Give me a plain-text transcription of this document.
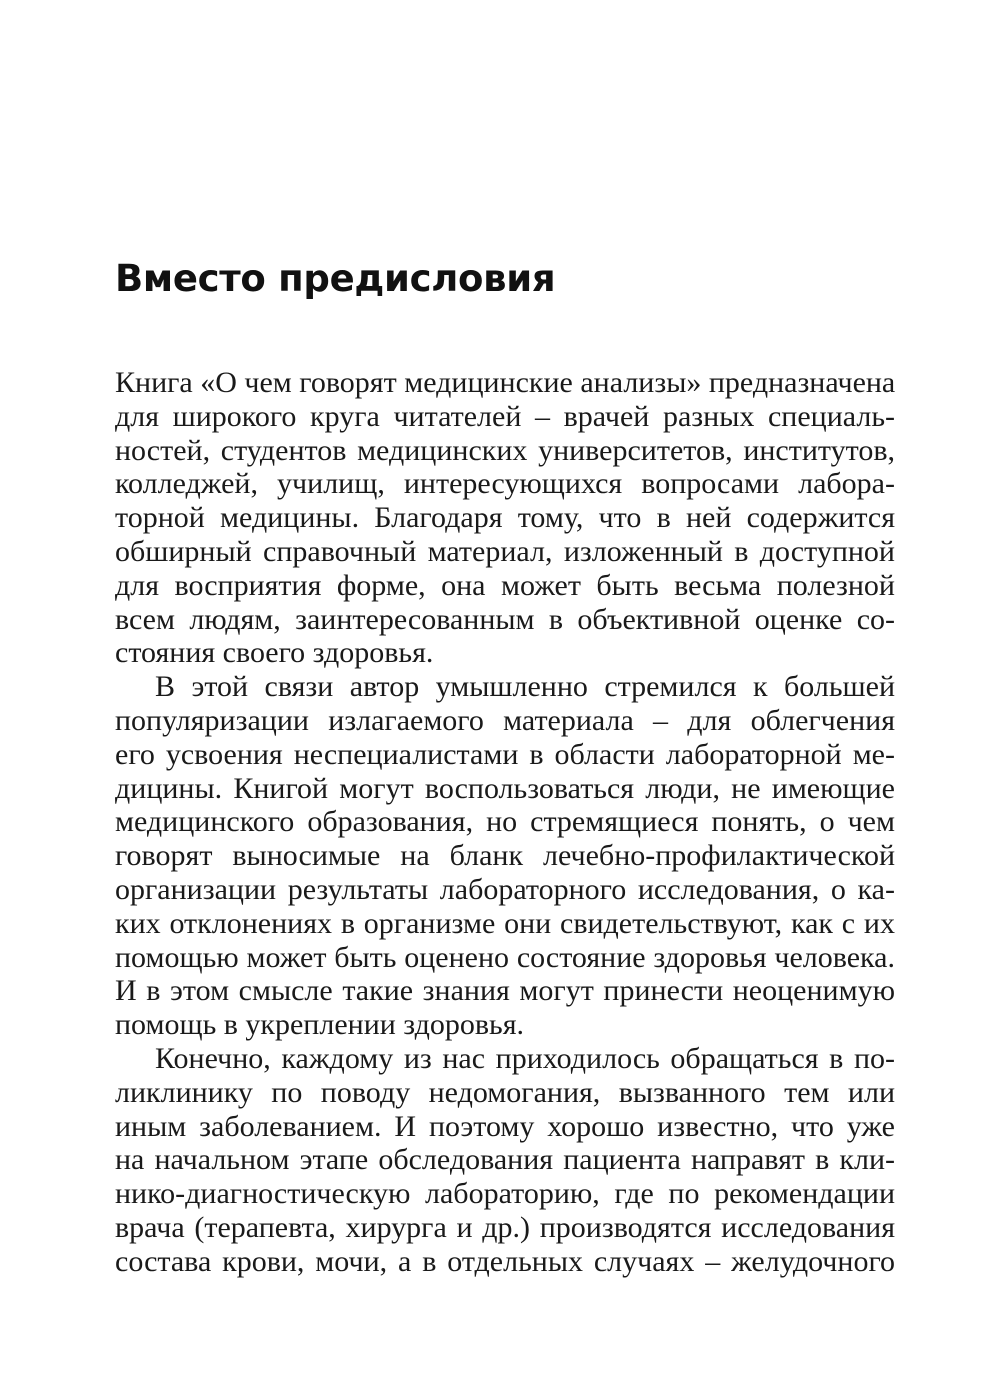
Вместо предисловия
Книга «О чем говорят медицинские анализы» предназначена
для широкого круга читателей – врачей разных специаль-
ностей, студентов медицинских университетов, институтов,
колледжей, училищ, интересующихся вопросами лабора-
торной медицины. Благодаря тому, что в ней содержится
обширный справочный материал, изложенный в доступной
для восприятия форме, она может быть весьма полезной
всем людям, заинтересованным в объективной оценке со-
стояния своего здоровья.
В этой связи автор умышленно стремился к большей
популяризации излагаемого материала – для облегчения
его усвоения неспециалистами в области лабораторной ме-
дицины. Книгой могут воспользоваться люди, не имеющие
медицинского образования, но стремящиеся понять, о чем
говорят выносимые на бланк лечебно-профилактической
организации результаты лабораторного исследования, о ка-
ких отклонениях в организме они свидетельствуют, как с их
помощью может быть оценено состояние здоровья человека.
И в этом смысле такие знания могут принести неоценимую
помощь в укреплении здоровья.
Конечно, каждому из нас приходилось обращаться в по-
ликлинику по поводу недомогания, вызванного тем или
иным заболеванием. И поэтому хорошо известно, что уже
на начальном этапе обследования пациента направят в кли-
нико-диагностическую лабораторию, где по рекомендации
врача (терапевта, хирурга и др.) производятся исследования
состава крови, мочи, а в отдельных случаях – желудочного
